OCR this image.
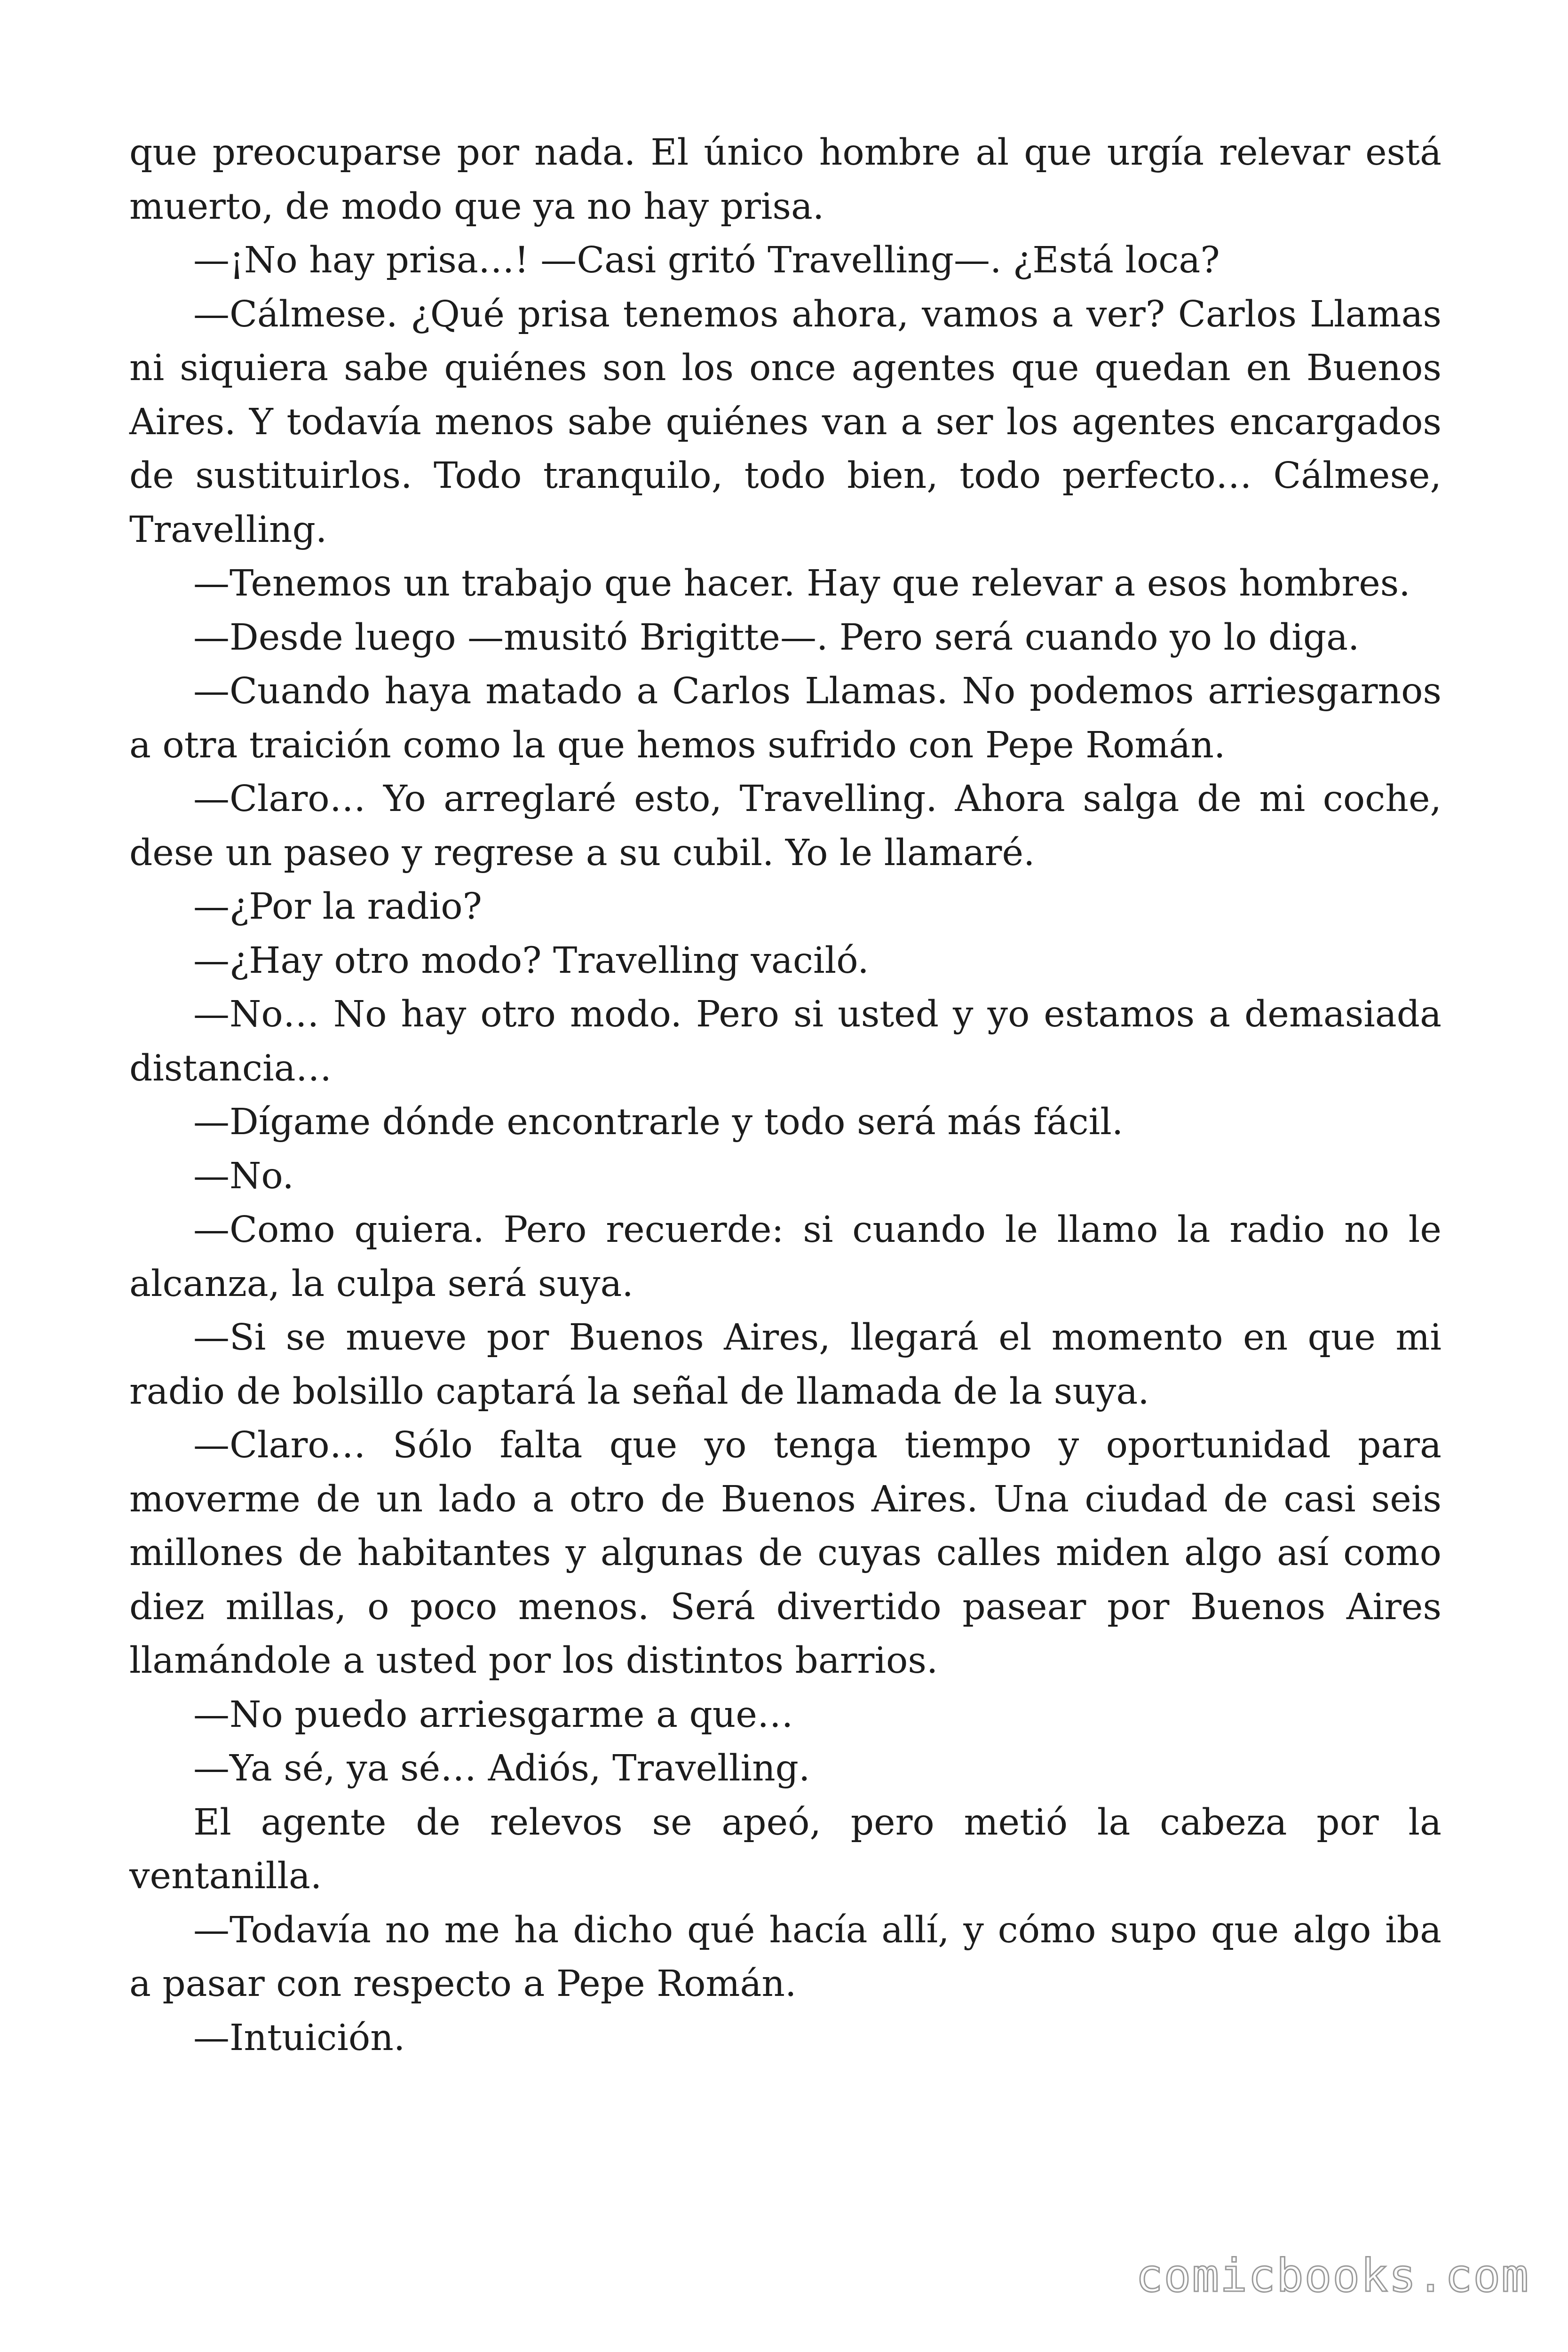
que preocuparse por nada. El único hombre al que urgía relevar está muerto, de modo que ya no hay prisa.

—¡No hay prisa…! —Casi gritó Travelling—. ¿Está loca?

—Cálmese. ¿Qué prisa tenemos ahora, vamos a ver? Carlos Llamas ni siquiera sabe quiénes son los once agentes que quedan en Buenos Aires. Y todavía menos sabe quiénes van a ser los agentes encargados de sustituirlos. Todo tranquilo, todo bien, todo perfecto… Cálmese, Travelling.

—Tenemos un trabajo que hacer. Hay que relevar a esos hombres.

—Desde luego —musitó Brigitte—. Pero será cuando yo lo diga.

—Cuando haya matado a Carlos Llamas. No podemos arriesgarnos a otra traición como la que hemos sufrido con Pepe Román.

—Claro… Yo arreglaré esto, Travelling. Ahora salga de mi coche, dese un paseo y regrese a su cubil. Yo le llamaré.

—¿Por la radio?

—¿Hay otro modo? Travelling vaciló.

—No… No hay otro modo. Pero si usted y yo estamos a demasiada distancia…

—Dígame dónde encontrarle y todo será más fácil.

—No.

—Como quiera. Pero recuerde: si cuando le llamo la radio no le alcanza, la culpa será suya.

—Si se mueve por Buenos Aires, llegará el momento en que mi radio de bolsillo captará la señal de llamada de la suya.

—Claro… Sólo falta que yo tenga tiempo y oportunidad para moverme de un lado a otro de Buenos Aires. Una ciudad de casi seis millones de habitantes y algunas de cuyas calles miden algo así como diez millas, o poco menos. Será divertido pasear por Buenos Aires llamándole a usted por los distintos barrios.

—No puedo arriesgarme a que…

—Ya sé, ya sé… Adiós, Travelling.

El agente de relevos se apeó, pero metió la cabeza por la ventanilla.

—Todavía no me ha dicho qué hacía allí, y cómo supo que algo iba a pasar con respecto a Pepe Román.

—Intuición.

comicbooks.com
